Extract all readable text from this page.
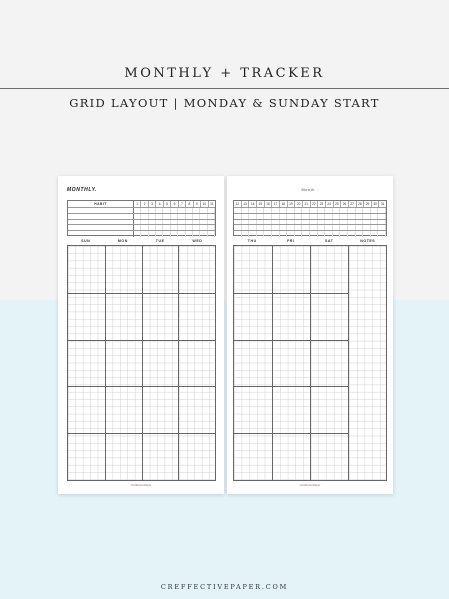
MONTHLY + TRACKER
GRID LAYOUT | MONDAY & SUNDAY START
MONTHLY.
HABIT	1	2	3	4	5	6	7	8	9	10	11
SUN	MON	TUE	WED
CreffectivePaper
Month ·
12	13	14	15	16	17	18	19	20	21	22	23	24	25	26	27	28	29	30	31
THU	FRI	SAT	NOTES
CreffectivePaper
CREFFECTIVEPAPER.COM
